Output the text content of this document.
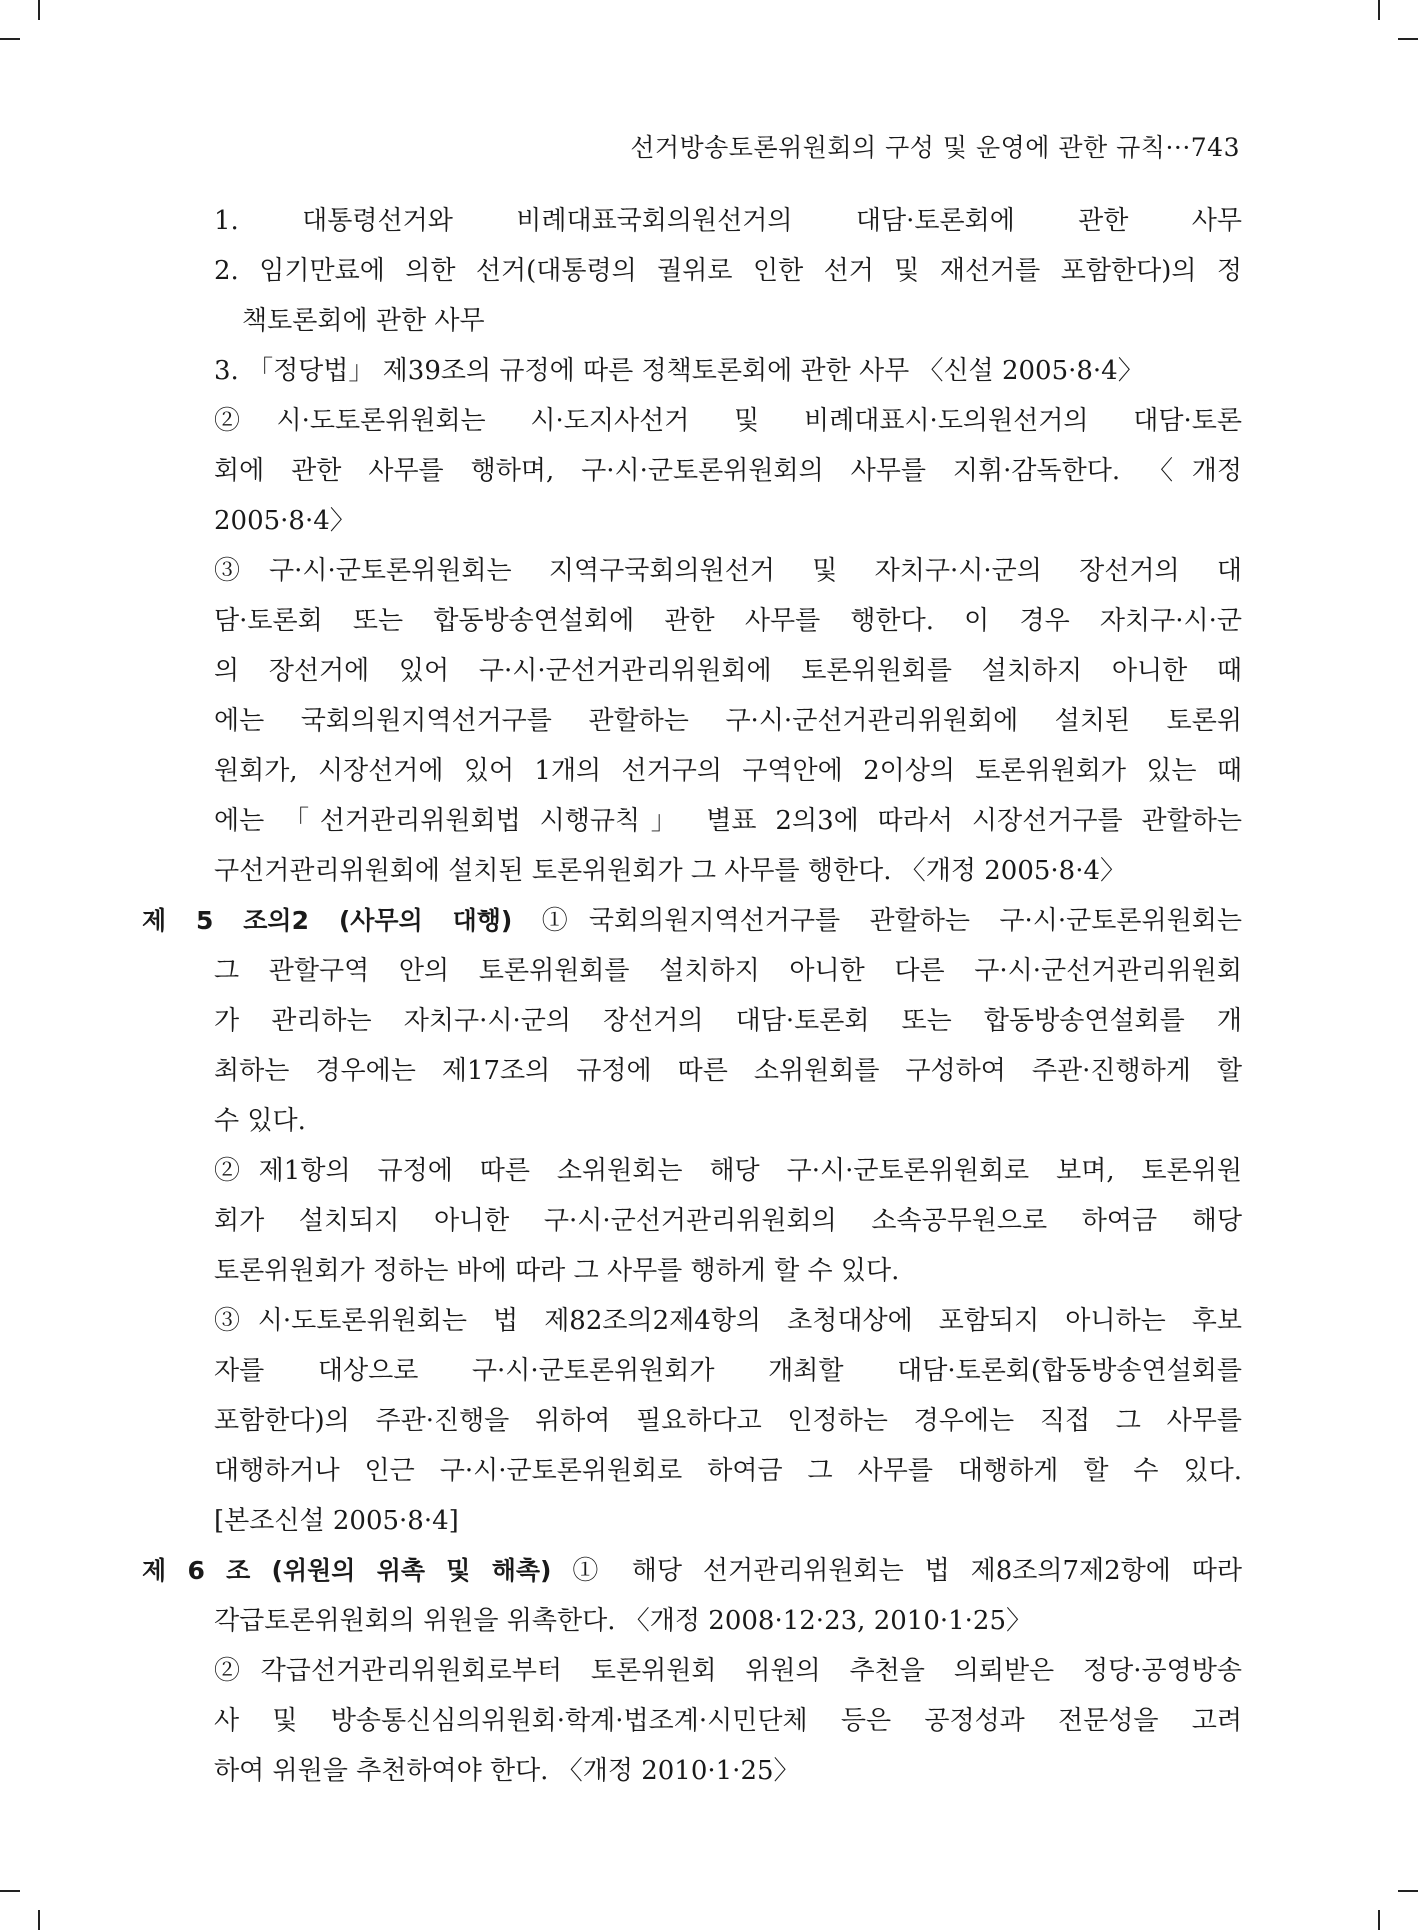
선거방송토론위원회의 구성 및 운영에 관한 규칙···743
1. 대통령선거와 비례대표국회의원선거의 대담·토론회에 관한 사무
2. 임기만료에 의한 선거(대통령의 궐위로 인한 선거 및 재선거를 포함한다)의 정
책토론회에 관한 사무
3. 「정당법」 제39조의 규정에 따른 정책토론회에 관한 사무 〈신설 2005·8·4〉
②시·도토론위원회는 시·도지사선거 및 비례대표시·도의원선거의 대담·토론
회에 관한 사무를 행하며, 구·시·군토론위원회의 사무를 지휘·감독한다. 〈개정
2005·8·4〉
③구·시·군토론위원회는 지역구국회의원선거 및 자치구·시·군의 장선거의 대
담·토론회 또는 합동방송연설회에 관한 사무를 행한다. 이 경우 자치구·시·군
의 장선거에 있어 구·시·군선거관리위원회에 토론위원회를 설치하지 아니한 때
에는 국회의원지역선거구를 관할하는 구·시·군선거관리위원회에 설치된 토론위
원회가, 시장선거에 있어 1개의 선거구의 구역안에 2이상의 토론위원회가 있는 때
에는 「선거관리위원회법 시행규칙」 별표 2의3에 따라서 시장선거구를 관할하는
구선거관리위원회에 설치된 토론위원회가 그 사무를 행한다. 〈개정 2005·8·4〉
제 5 조의2 (사무의 대행) ①국회의원지역선거구를 관할하는 구·시·군토론위원회는
그 관할구역 안의 토론위원회를 설치하지 아니한 다른 구·시·군선거관리위원회
가 관리하는 자치구·시·군의 장선거의 대담·토론회 또는 합동방송연설회를 개
최하는 경우에는 제17조의 규정에 따른 소위원회를 구성하여 주관·진행하게 할
수 있다.
②제1항의 규정에 따른 소위원회는 해당 구·시·군토론위원회로 보며, 토론위원
회가 설치되지 아니한 구·시·군선거관리위원회의 소속공무원으로 하여금 해당
토론위원회가 정하는 바에 따라 그 사무를 행하게 할 수 있다.
③시·도토론위원회는 법 제82조의2제4항의 초청대상에 포함되지 아니하는 후보
자를 대상으로 구·시·군토론위원회가 개최할 대담·토론회(합동방송연설회를
포함한다)의 주관·진행을 위하여 필요하다고 인정하는 경우에는 직접 그 사무를
대행하거나 인근 구·시·군토론위원회로 하여금 그 사무를 대행하게 할 수 있다.
[본조신설 2005·8·4]
제 6 조 (위원의 위촉 및 해촉) ① 해당 선거관리위원회는 법 제8조의7제2항에 따라
각급토론위원회의 위원을 위촉한다. 〈개정 2008·12·23, 2010·1·25〉
②각급선거관리위원회로부터 토론위원회 위원의 추천을 의뢰받은 정당·공영방송
사 및 방송통신심의위원회·학계·법조계·시민단체 등은 공정성과 전문성을 고려
하여 위원을 추천하여야 한다. 〈개정 2010·1·25〉
